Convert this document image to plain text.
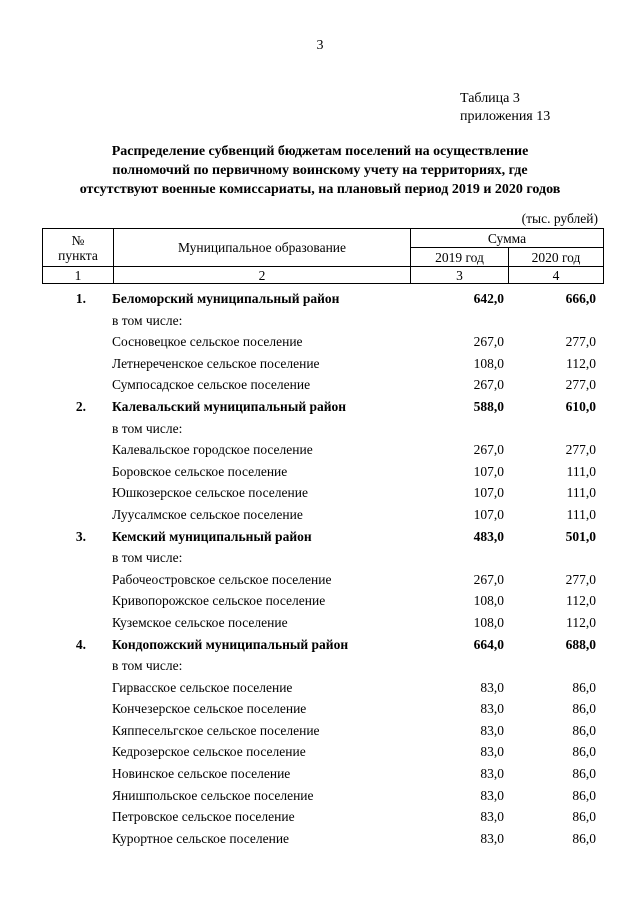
3
Таблица 3
приложения 13
Распределение субвенций бюджетам поселений на осуществление
полномочий по первичному воинскому учету на территориях, где
отсутствуют военные комиссариаты, на плановый период 2019 и 2020 годов
(тыс. рублей)
№
пункта	Муниципальное образование	Сумма	
		2019 год	2020 год
1	2	3	4
1. Беломорский муниципальный район	642,0	666,0
в том числе:
Сосновецкое сельское поселение	267,0	277,0
Летнереченское сельское поселение	108,0	112,0
Сумпосадское сельское поселение	267,0	277,0
2. Калевальский муниципальный район	588,0	610,0
в том числе:
Калевальское городское поселение	267,0	277,0
Боровское сельское поселение	107,0	111,0
Юшкозерское сельское поселение	107,0	111,0
Луусалмское сельское поселение	107,0	111,0
3. Кемский муниципальный район	483,0	501,0
в том числе:
Рабочеостровское сельское поселение	267,0	277,0
Кривопорожское сельское поселение	108,0	112,0
Куземское сельское поселение	108,0	112,0
4. Кондопожский муниципальный район	664,0	688,0
в том числе:
Гирвасское сельское поселение	83,0	86,0
Кончезерское сельское поселение	83,0	86,0
Кяппесельгское сельское поселение	83,0	86,0
Кедрозерское сельское поселение	83,0	86,0
Новинское сельское поселение	83,0	86,0
Янишпольское сельское поселение	83,0	86,0
Петровское сельское поселение	83,0	86,0
Курортное сельское поселение	83,0	86,0
